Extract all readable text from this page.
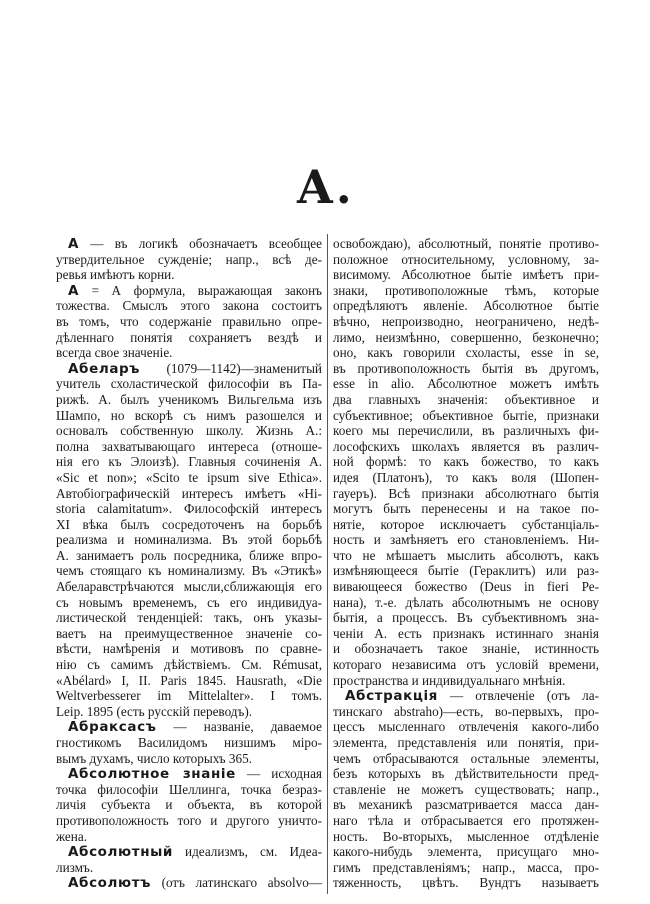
А.
А — въ логикѣ обозначаетъ всеобщее
утвердительное сужденіе; напр., всѣ де-
ревья имѣютъ корни.
А = А формула, выражающая законъ
тожества. Смыслъ этого закона состоитъ
въ томъ, что содержаніе правильно опре-
дѣленнаго понятія сохраняетъ вездѣ и
всегда свое значеніе.
Абеларъ (1079—1142)—знаменитый
учитель схоластической философіи въ Па-
рижѣ. А. былъ ученикомъ Вильгельма изъ
Шампо, но вскорѣ съ нимъ разошелся и
основалъ собственную школу. Жизнь А.:
полна захватывающаго интереса (отноше-
нія его къ Элоизѣ). Главныя сочиненія А.
«Sic et non»; «Scito te ipsum sive Ethica».
Автобіографическій интересъ имѣетъ «Hi-
storia calamitatum». Философскій интересъ
XI вѣка былъ сосредоточенъ на борьбѣ
реализма и номинализма. Въ этой борьбѣ
А. занимаетъ роль посредника, ближе впро-
чемъ стоящаго къ номинализму. Въ «Этикѣ»
Абеларавстрѣчаются мысли,сближающія его
съ новымъ временемъ, съ его индивидуа-
листической тенденціей: такъ, онъ указы-
ваетъ на преимущественное значеніе со-
вѣсти, намѣренія и мотивовъ по сравне-
нію съ самимъ дѣйствіемъ. См. Rémusat,
«Abélard» I, II. Paris 1845. Hausrath, «Die
Weltverbesserer im Mittelalter». I томъ.
Leip. 1895 (есть русскій переводъ).
Абраксасъ — названіе, даваемое
гностикомъ Василидомъ низшимъ міро-
вымъ духамъ, число которыхъ 365.
Абсолютное знаніе — исходная
точка философіи Шеллинга, точка безраз-
личія субъекта и объекта, въ которой
противоположность того и другого уничто-
жена.
Абсолютный идеализмъ, см. Идеа-
лизмъ.
Абсолютъ (отъ латинскаго absolvo—
освобождаю), абсолютный, понятіе противо-
положное относительному, условному, за-
висимому. Абсолютное бытіе имѣетъ при-
знаки, противоположные тѣмъ, которые
опредѣляютъ явленіе. Абсолютное бытіе
вѣчно, непроизводно, неограничено, недѣ-
лимо, неизмѣнно, совершенно, безконечно;
оно, какъ говорили схоласты, esse in se,
въ противоположность бытія въ другомъ,
esse in alio. Абсолютное можетъ имѣть
два главныхъ значенія: объективное и
субъективное; объективное бытіе, признаки
коего мы перечислили, въ различныхъ фи-
лософскихъ школахъ является въ различ-
ной формѣ: то какъ божество, то какъ
идея (Платонъ), то какъ воля (Шопен-
гауеръ). Всѣ признаки абсолютнаго бытія
могутъ быть перенесены и на такое по-
нятіе, которое исключаетъ субстанціаль-
ность и замѣняетъ его становленіемъ. Ни-
что не мѣшаетъ мыслить абсолютъ, какъ
измѣняющееся бытіе (Гераклитъ) или раз-
вивающееся божество (Deus in fieri Ре-
нана), т.-е. дѣлать абсолютнымъ не основу
бытія, а процессъ. Въ субъективномъ зна-
ченіи А. есть признакъ истиннаго знанія
и обозначаетъ такое знаніе, истинность
котораго независима отъ условій времени,
пространства и индивидуальнаго мнѣнія.
Абстракція — отвлеченіе (отъ ла-
тинскаго abstraho)—есть, во-первыхъ, про-
цессъ мысленнаго отвлеченія какого-либо
элемента, представленія или понятія, при-
чемъ отбрасываются остальные элементы,
безъ которыхъ въ дѣйствительности пред-
ставленіе не можетъ существовать; напр.,
въ механикѣ разсматривается масса дан-
наго тѣла и отбрасывается его протяжен-
ность. Во-вторыхъ, мысленное отдѣленіе
какого-нибудь элемента, присущаго мно-
гимъ представленіямъ; напр., масса, про-
тяженность, цвѣтъ. Вундтъ называетъ
